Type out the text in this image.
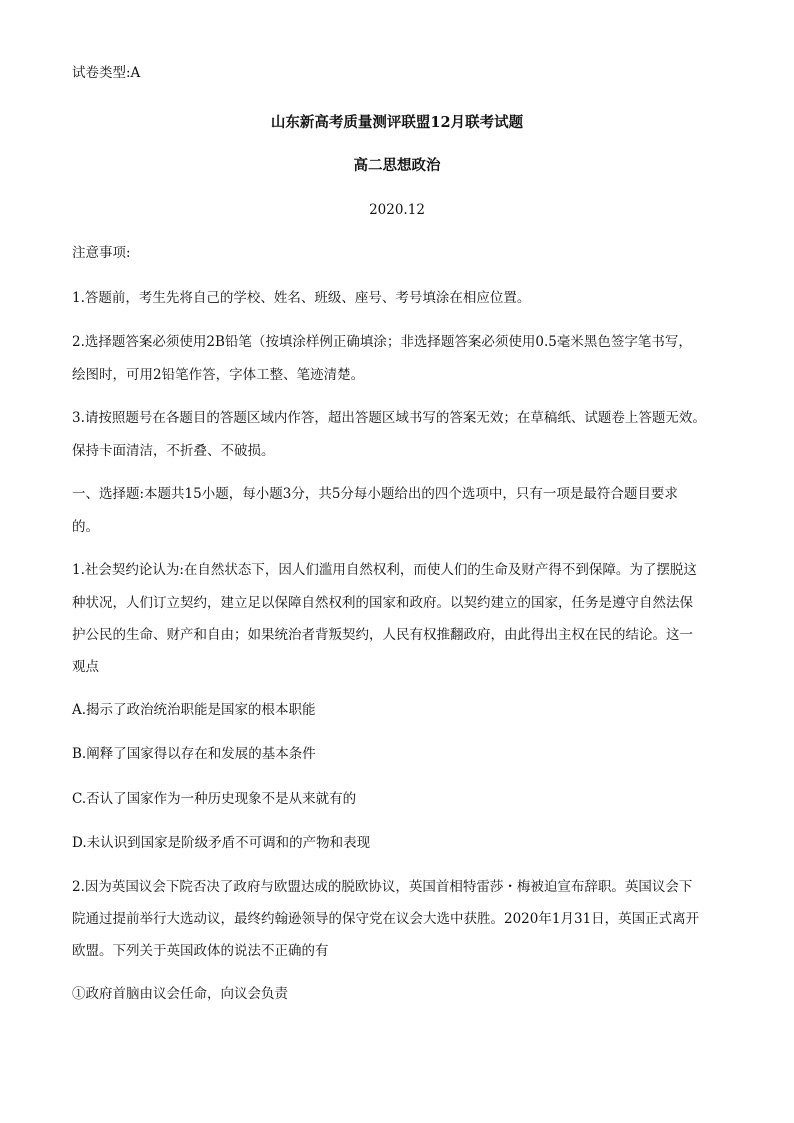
试卷类型:A
山东新高考质量测评联盟12月联考试题
高二思想政治
2020.12
注意事项:
1.答题前，考生先将自己的学校、姓名、班级、座号、考号填涂在相应位置。
2.选择题答案必须使用2B铅笔（按填涂样例正确填涂；非选择题答案必须使用0.5毫米黑色签字笔书写，
绘图时，可用2铅笔作答，字体工整、笔迹清楚。
3.请按照题号在各题目的答题区域内作答，超出答题区域书写的答案无效；在草稿纸、试题卷上答题无效。
保持卡面清洁，不折叠、不破损。
一、选择题:本题共15小题，每小题3分，共5分每小题给出的四个选项中，只有一项是最符合题目要求
的。
1.社会契约论认为:在自然状态下，因人们滥用自然权利，而使人们的生命及财产得不到保障。为了摆脱这
种状况，人们订立契约，建立足以保障自然权利的国家和政府。以契约建立的国家，任务是遵守自然法保
护公民的生命、财产和自由；如果统治者背叛契约，人民有权推翻政府，由此得出主权在民的结论。这一
观点
A.揭示了政治统治职能是国家的根本职能
B.阐释了国家得以存在和发展的基本条件
C.否认了国家作为一种历史现象不是从来就有的
D.未认识到国家是阶级矛盾不可调和的产物和表现
2.因为英国议会下院否决了政府与欧盟达成的脱欧协议，英国首相特雷莎・梅被迫宣布辞职。英国议会下
院通过提前举行大选动议，最终约翰逊领导的保守党在议会大选中获胜。2020年1月31日，英国正式离开
欧盟。下列关于英国政体的说法不正确的有
①政府首脑由议会任命，向议会负责
